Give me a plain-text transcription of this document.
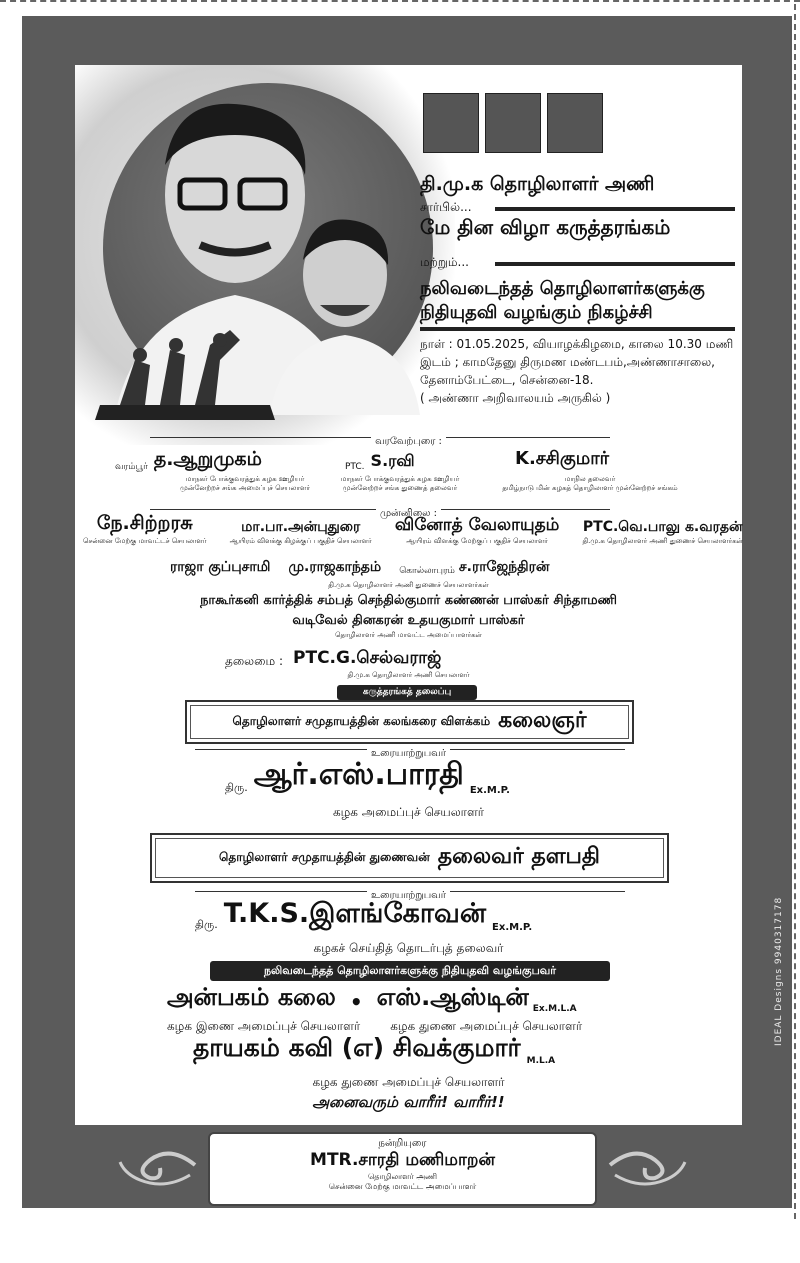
IDEAL Designs 9940317178
தி.மு.க தொழிலாளர் அணி
சார்பில்...
மே தின விழா கருத்தரங்கம்
மற்றும்...
நலிவடைந்தத் தொழிலாளர்களுக்கு
நிதியுதவி வழங்கும் நிகழ்ச்சி
நாள் : 01.05.2025, வியாழக்கிழமை, காலை 10.30 மணி
இடம் ; காமதேனு திருமண மண்டபம்,அண்ணாசாலை,
தேனாம்பேட்டை, சென்னை-18.
( அண்ணா அறிவாலயம் அருகில் )
வரவேற்புரை :
வரம்பூர் த.ஆறுமுகம்
மாநகர் போக்குவரத்துக் கழக ஊழியர்
முன்னேற்றச் சங்க அமைப்புச் செயலாளர்
PTC. S.ரவி
மாநகர் போக்குவரத்துக் கழக ஊழியர்
முன்னேற்றச் சங்க துணைத் தலைவர்
K.சசிகுமார்
மாநில தலைவர்
தமிழ்நாடு மின் கழகத் தொழிலாளர் முன்னேற்றச் சங்கம்
முன்னிலை :
நே.சிற்றரசு
சென்னை மேற்கு மாவட்டச் செயலாளர்
மா.பா.அன்புதுரை
ஆயிரம் விளக்கு கிழக்குப் பகுதிச் செயலாளர்
வினோத் வேலாயுதம்
ஆயிரம் விளக்கு மேற்குப் பகுதிச் செயலாளர்
PTC.வெ.பாலு க.வரதன்
தி.மு.க தொழிலாளர் அணி துணைச் செயலாளர்கள்
ராஜா குப்புசாமி மு.ராஜகாந்தம் கொல்லாபுரம் ச.ராஜேந்திரன்
தி.மு.க தொழிலாளர் அணி துணைச் செயலாளர்கள்
நாகூர்கனி கார்த்திக் சம்பத் செந்தில்குமார் கண்ணன் பாஸ்கர் சிந்தாமணி
வடிவேல் தினகரன் உதயகுமார் பாஸ்கர்
தொழிலாளர் அணி மாவட்ட அமைப்பாளர்கள்
தலைமை : PTC.G.செல்வராஜ்
தி.மு.க தொழிலாளர் அணி செயலாளர்
கருத்தரங்கத் தலைப்பு
தொழிலாளர் சமுதாயத்தின் கலங்கரை விளக்கம் கலைஞர்
உரையாற்றுபவர்
திரு. ஆர்.எஸ்.பாரதி Ex.M.P.
கழக அமைப்புச் செயலாளர்
தொழிலாளர் சமுதாயத்தின் துணைவன் தலைவர் தளபதி
உரையாற்றுபவர்
திரு. T.K.S.இளங்கோவன் Ex.M.P.
கழகச் செய்தித் தொடர்புத் தலைவர்
நலிவடைந்தத் தொழிலாளர்களுக்கு நிதியுதவி வழங்குபவர்
அன்பகம் கலை • எஸ்.ஆஸ்டின் Ex.M.L.A
கழக இணை அமைப்புச் செயலாளர்	கழக துணை அமைப்புச் செயலாளர்
தாயகம் கவி (எ) சிவக்குமார் M.L.A
கழக துணை அமைப்புச் செயலாளர்
அனைவரும் வாரீர்! வாரீர்!!
நன்றியுரை
MTR.சாரதி மணிமாறன்
தொழிலாளர் அணி
சென்னை மேற்கு மாவட்ட அமைப்பாளர்
